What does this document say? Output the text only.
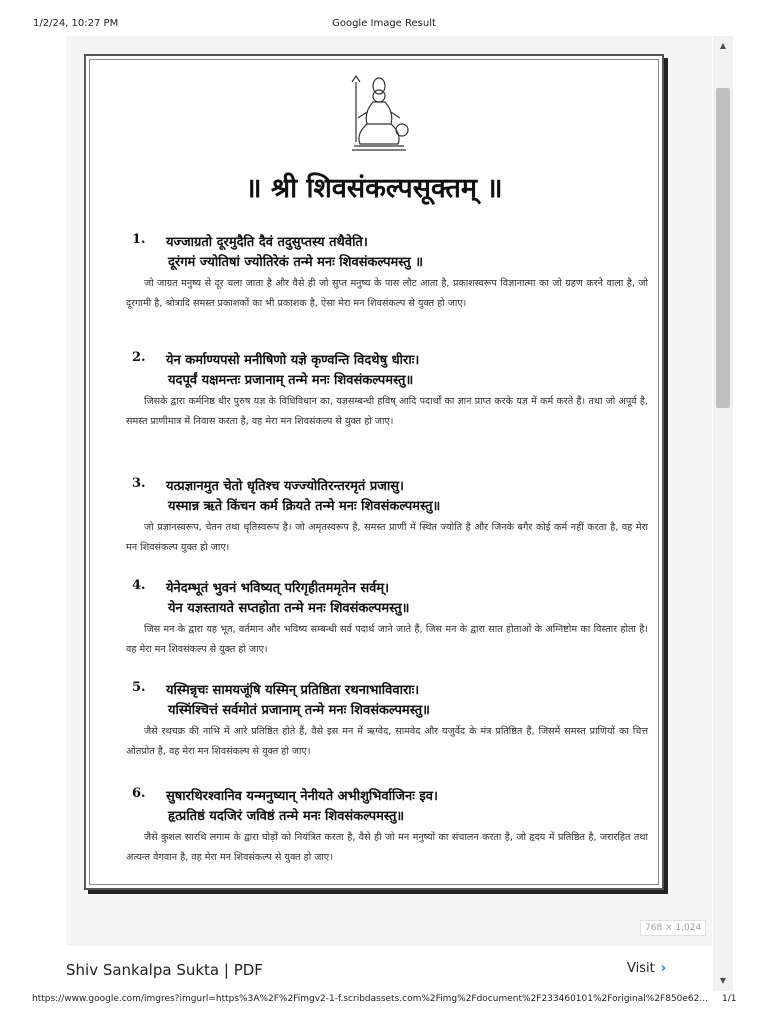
1/2/24, 10:27 PM	Google Image Result
॥ श्री शिवसंकल्पसूक्तम् ॥
1. यज्जाग्रतो दूरमुदैति दैवं तदुसुप्तस्य तथैवेति।
दूरंगमं ज्योतिषां ज्योतिरेकं तन्मे मनः शिवसंकल्पमस्तु ॥
जो जाग्रत मनुष्य से दूर चला जाता है और वैसे ही जो सुप्त मनुष्य के पास लौट आता है, प्रकाशस्वरूप विज्ञानात्मा का जो ग्रहण करने वाला है, जो दूरगामी है, श्रोत्रादि समस्त प्रकाशकों का भी प्रकाशक है, ऐसा मेरा मन शिवसंकल्प से युक्त हो जाए।
2. येन कर्माण्यपसो मनीषिणो यज्ञे कृण्वन्ति विदथेषु धीराः।
यदपूर्वं यक्षमन्तः प्रजानाम् तन्मे मनः शिवसंकल्पमस्तु॥
जिसके द्वारा कर्मनिष्ठ धीर पुरुष यज्ञ के विधिविधान का, यज्ञसम्बन्धी हविष् आदि पदार्थों का ज्ञान प्राप्त करके यज्ञ में कर्म करते हैं। तथा जो अपूर्व है, समस्त प्राणीमात्र में निवास करता है, वह मेरा मन शिवसंकल्प से युक्त हो जाए।
3. यत्प्रज्ञानमुत चेतो धृतिश्च यज्ज्योतिरन्तरमृतं प्रजासु।
यस्मान्न ऋते किंचन कर्म क्रियते तन्मे मनः शिवसंकल्पमस्तु॥
जो प्रज्ञानस्वरूप, चेतन तथा धृतिस्वरूप है। जो अमृतस्वरूप है, समस्त प्राणी में स्थित ज्योति है और जिनके बगैर कोई कर्म नहीं करता है, वह मेरा मन शिवसंकल्प युक्त हो जाए।
4. येनेदम्भूतं भुवनं भविष्यत् परिगृहीतममृतेन सर्वम्।
येन यज्ञस्तायते सप्तहोता तन्मे मनः शिवसंकल्पमस्तु॥
जिस मन के द्वारा यह भूत, वर्तमान और भविष्य सम्बन्धी सर्व पदार्थ जाने जाते हैं, जिस मन के द्वारा सात होताओं के अग्निष्टोम का विस्तार होता है। वह मेरा मन शिवसंकल्प से युक्त हो जाए।
5. यस्मिन्नृचः सामयजूंषि यस्मिन् प्रतिष्ठिता रथनाभाविवाराः।
यस्मिंश्चित्तं सर्वमोतं प्रजानाम् तन्मे मनः शिवसंकल्पमस्तु॥
जैसे रथचक्र की नाभि में आरे प्रतिष्ठित होते हैं, वैसे इस मन में ऋग्वेद, सामवेद और यजुर्वेद के मंत्र प्रतिष्ठित हैं, जिसमें समस्त प्राणियों का चित्त ओतप्रोत है, वह मेरा मन शिवसंकल्प से युक्त हो जाए।
6. सुषारथिरश्वानिव यन्मनुष्यान् नेनीयते अभीशुभिर्वाजिनः इव।
हृत्प्रतिष्ठं यदजिरं जविष्ठं तन्मे मनः शिवसंकल्पमस्तु॥
जैसे कुशल सारथि लगाम के द्वारा घोड़ों को नियंत्रित करता है, वैसे ही जो मन मनुष्यों का संचालन करता है, जो हृदय में प्रतिष्ठित है, जरारहित तथा अत्यन्त वेगवान है, वह मेरा मन शिवसंकल्प से युक्त हो जाए।
▲
▼
768 × 1,024
Shiv Sankalpa Sukta | PDF	Visit ›
https://www.google.com/imgres?imgurl=https%3A%2F%2Fimgv2-1-f.scribdassets.com%2Fimg%2Fdocument%2F233460101%2Foriginal%2F850e62...	1/1
